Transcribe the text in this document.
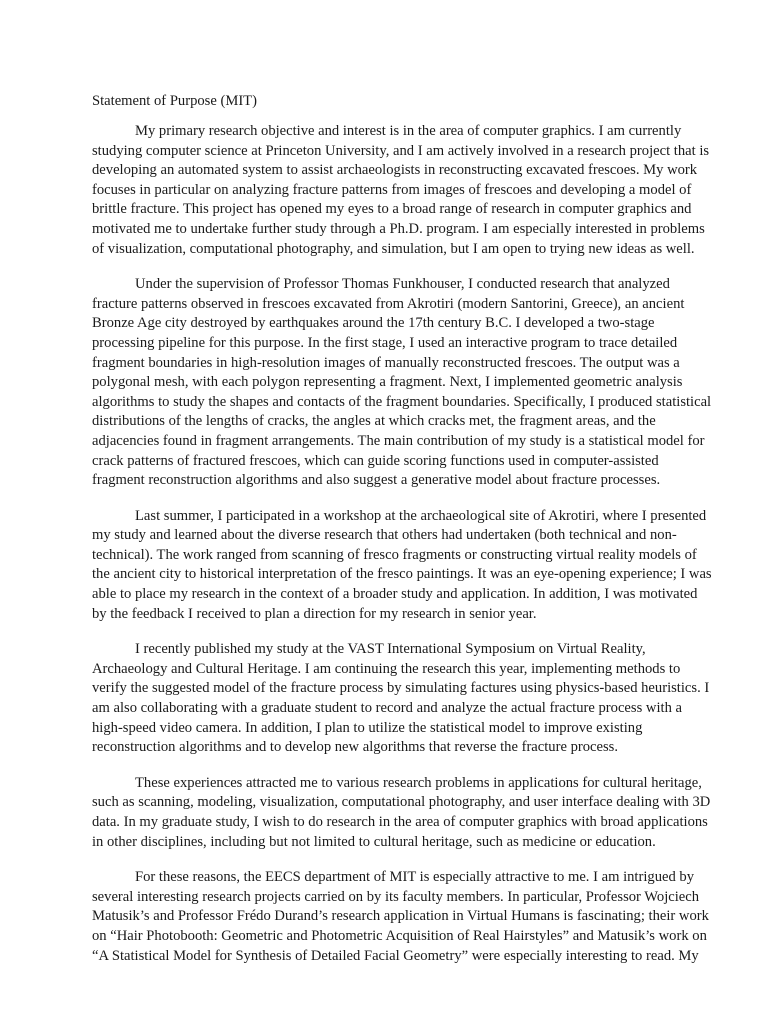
Statement of Purpose (MIT)

My primary research objective and interest is in the area of computer graphics. I am currently
studying computer science at Princeton University, and I am actively involved in a research project that is
developing an automated system to assist archaeologists in reconstructing excavated frescoes. My work
focuses in particular on analyzing fracture patterns from images of frescoes and developing a model of
brittle fracture. This project has opened my eyes to a broad range of research in computer graphics and
motivated me to undertake further study through a Ph.D. program. I am especially interested in problems
of visualization, computational photography, and simulation, but I am open to trying new ideas as well.

Under the supervision of Professor Thomas Funkhouser, I conducted research that analyzed
fracture patterns observed in frescoes excavated from Akrotiri (modern Santorini, Greece), an ancient
Bronze Age city destroyed by earthquakes around the 17th century B.C. I developed a two-stage
processing pipeline for this purpose. In the first stage, I used an interactive program to trace detailed
fragment boundaries in high-resolution images of manually reconstructed frescoes. The output was a
polygonal mesh, with each polygon representing a fragment. Next, I implemented geometric analysis
algorithms to study the shapes and contacts of the fragment boundaries. Specifically, I produced statistical
distributions of the lengths of cracks, the angles at which cracks met, the fragment areas, and the
adjacencies found in fragment arrangements. The main contribution of my study is a statistical model for
crack patterns of fractured frescoes, which can guide scoring functions used in computer-assisted
fragment reconstruction algorithms and also suggest a generative model about fracture processes.

Last summer, I participated in a workshop at the archaeological site of Akrotiri, where I presented
my study and learned about the diverse research that others had undertaken (both technical and non-
technical). The work ranged from scanning of fresco fragments or constructing virtual reality models of
the ancient city to historical interpretation of the fresco paintings. It was an eye-opening experience; I was
able to place my research in the context of a broader study and application. In addition, I was motivated
by the feedback I received to plan a direction for my research in senior year.

I recently published my study at the VAST International Symposium on Virtual Reality,
Archaeology and Cultural Heritage. I am continuing the research this year, implementing methods to
verify the suggested model of the fracture process by simulating factures using physics-based heuristics. I
am also collaborating with a graduate student to record and analyze the actual fracture process with a
high-speed video camera. In addition, I plan to utilize the statistical model to improve existing
reconstruction algorithms and to develop new algorithms that reverse the fracture process.

These experiences attracted me to various research problems in applications for cultural heritage,
such as scanning, modeling, visualization, computational photography, and user interface dealing with 3D
data. In my graduate study, I wish to do research in the area of computer graphics with broad applications
in other disciplines, including but not limited to cultural heritage, such as medicine or education.

For these reasons, the EECS department of MIT is especially attractive to me. I am intrigued by
several interesting research projects carried on by its faculty members. In particular, Professor Wojciech
Matusik’s and Professor Frédo Durand’s research application in Virtual Humans is fascinating; their work
on “Hair Photobooth: Geometric and Photometric Acquisition of Real Hairstyles” and Matusik’s work on
“A Statistical Model for Synthesis of Detailed Facial Geometry” were especially interesting to read. My
